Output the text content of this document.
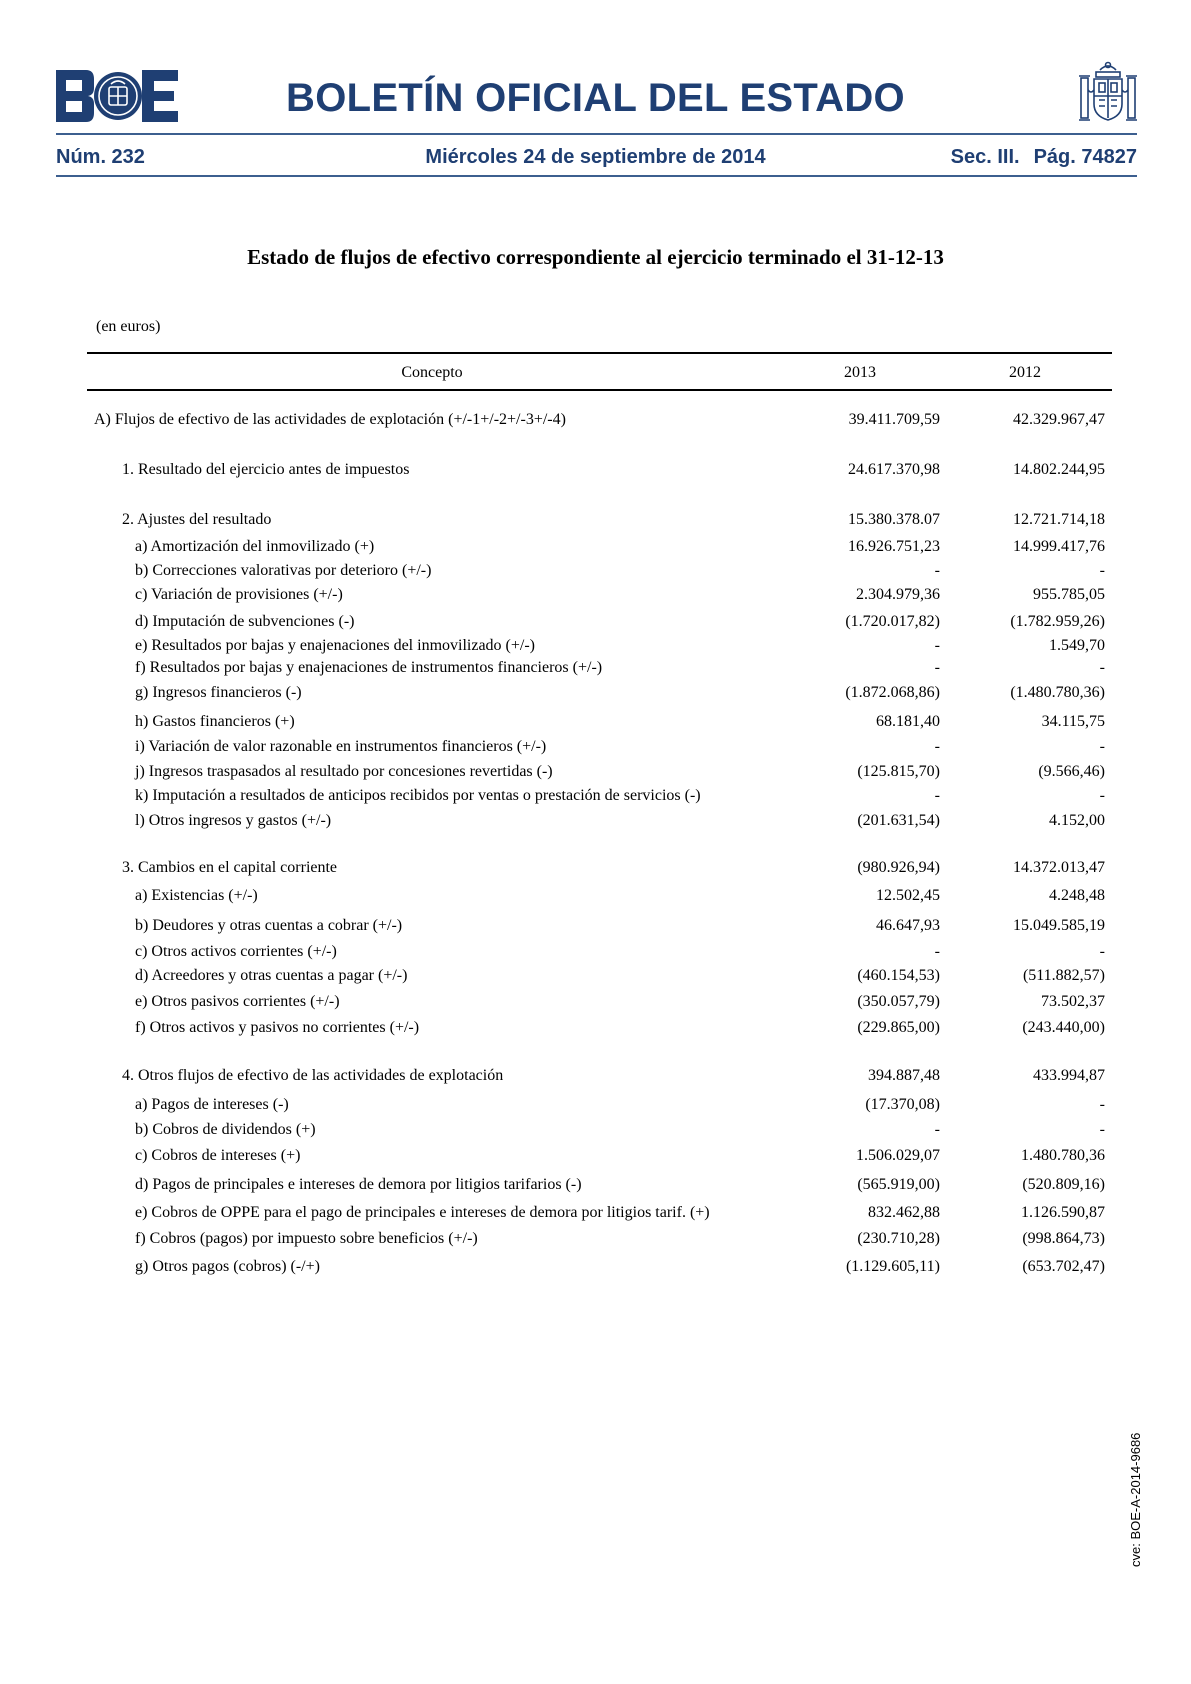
BOLETÍN OFICIAL DEL ESTADO
Núm. 232	Miércoles 24 de septiembre de 2014	Sec. III. Pág. 74827
Estado de flujos de efectivo correspondiente al ejercicio terminado el 31-12-13
(en euros)
Concepto	2013	2012
A) Flujos de efectivo de las actividades de explotación (+/-1+/-2+/-3+/-4)	39.411.709,59	42.329.967,47
1. Resultado del ejercicio antes de impuestos	24.617.370,98	14.802.244,95
2. Ajustes del resultado	15.380.378.07	12.721.714,18
a) Amortización del inmovilizado (+)	16.926.751,23	14.999.417,76
b) Correcciones valorativas por deterioro (+/-)	-	-
c) Variación de provisiones (+/-)	2.304.979,36	955.785,05
d) Imputación de subvenciones (-)	(1.720.017,82)	(1.782.959,26)
e) Resultados por bajas y enajenaciones del inmovilizado (+/-)	-	1.549,70
f) Resultados por bajas y enajenaciones de instrumentos financieros (+/-)	-	-
g) Ingresos financieros (-)	(1.872.068,86)	(1.480.780,36)
h) Gastos financieros (+)	68.181,40	34.115,75
i) Variación de valor razonable en instrumentos financieros (+/-)	-	-
j) Ingresos traspasados al resultado por concesiones revertidas (-)	(125.815,70)	(9.566,46)
k) Imputación a resultados de anticipos recibidos por ventas o prestación de servicios (-)	-	-
l) Otros ingresos y gastos (+/-)	(201.631,54)	4.152,00
3. Cambios en el capital corriente	(980.926,94)	14.372.013,47
a) Existencias (+/-)	12.502,45	4.248,48
b) Deudores y otras cuentas a cobrar (+/-)	46.647,93	15.049.585,19
c) Otros activos corrientes (+/-)	-	-
d) Acreedores y otras cuentas a pagar (+/-)	(460.154,53)	(511.882,57)
e) Otros pasivos corrientes (+/-)	(350.057,79)	73.502,37
f) Otros activos y pasivos no corrientes (+/-)	(229.865,00)	(243.440,00)
4. Otros flujos de efectivo de las actividades de explotación	394.887,48	433.994,87
a) Pagos de intereses (-)	(17.370,08)	-
b) Cobros de dividendos (+)	-	-
c) Cobros de intereses (+)	1.506.029,07	1.480.780,36
d) Pagos de principales e intereses de demora por litigios tarifarios (-)	(565.919,00)	(520.809,16)
e) Cobros de OPPE para el pago de principales e intereses de demora por litigios tarif. (+)	832.462,88	1.126.590,87
f) Cobros (pagos) por impuesto sobre beneficios (+/-)	(230.710,28)	(998.864,73)
g) Otros pagos (cobros) (-/+)	(1.129.605,11)	(653.702,47)
cve: BOE-A-2014-9686
